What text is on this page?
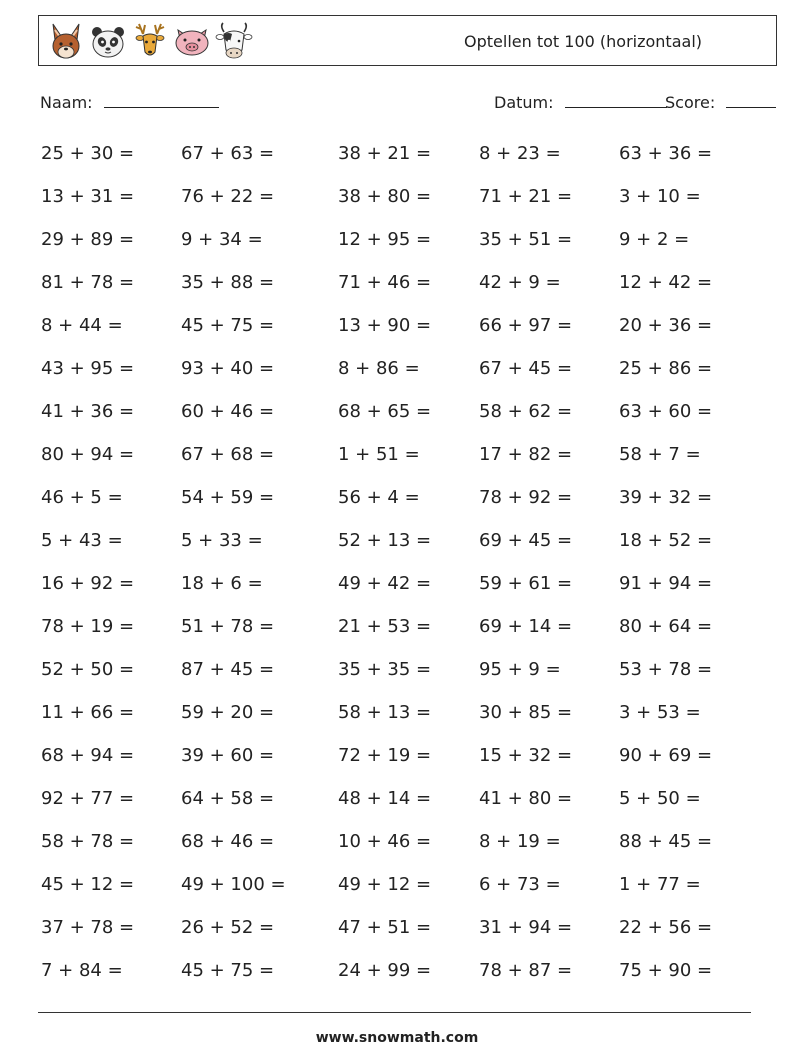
Optellen tot 100 (horizontaal)
Naam:	Datum:	Score:
25 + 30 =	67 + 63 =	38 + 21 =	8 + 23 =	63 + 36 =
13 + 31 =	76 + 22 =	38 + 80 =	71 + 21 =	3 + 10 =
29 + 89 =	9 + 34 =	12 + 95 =	35 + 51 =	9 + 2 =
81 + 78 =	35 + 88 =	71 + 46 =	42 + 9 =	12 + 42 =
8 + 44 =	45 + 75 =	13 + 90 =	66 + 97 =	20 + 36 =
43 + 95 =	93 + 40 =	8 + 86 =	67 + 45 =	25 + 86 =
41 + 36 =	60 + 46 =	68 + 65 =	58 + 62 =	63 + 60 =
80 + 94 =	67 + 68 =	1 + 51 =	17 + 82 =	58 + 7 =
46 + 5 =	54 + 59 =	56 + 4 =	78 + 92 =	39 + 32 =
5 + 43 =	5 + 33 =	52 + 13 =	69 + 45 =	18 + 52 =
16 + 92 =	18 + 6 =	49 + 42 =	59 + 61 =	91 + 94 =
78 + 19 =	51 + 78 =	21 + 53 =	69 + 14 =	80 + 64 =
52 + 50 =	87 + 45 =	35 + 35 =	95 + 9 =	53 + 78 =
11 + 66 =	59 + 20 =	58 + 13 =	30 + 85 =	3 + 53 =
68 + 94 =	39 + 60 =	72 + 19 =	15 + 32 =	90 + 69 =
92 + 77 =	64 + 58 =	48 + 14 =	41 + 80 =	5 + 50 =
58 + 78 =	68 + 46 =	10 + 46 =	8 + 19 =	88 + 45 =
45 + 12 =	49 + 100 =	49 + 12 =	6 + 73 =	1 + 77 =
37 + 78 =	26 + 52 =	47 + 51 =	31 + 94 =	22 + 56 =
7 + 84 =	45 + 75 =	24 + 99 =	78 + 87 =	75 + 90 =
www.snowmath.com
